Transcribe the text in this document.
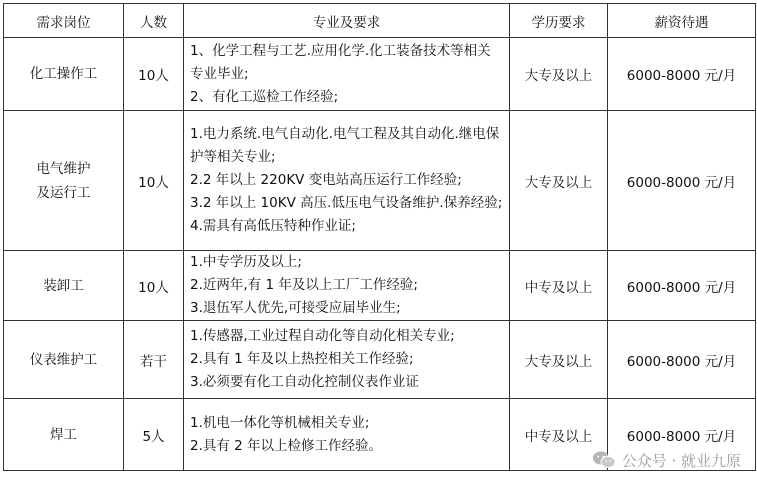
需求岗位	人数	专业及要求	学历要求	薪资待遇

化工操作工	10人	1、化学工程与工艺.应用化学.化工装备技术等相关专业毕业;
2、有化工巡检工作经验;	大专及以上	6000-8000 元/月

电气维护
及运行工	10人	1.电力系统.电气自动化.电气工程及其自动化.继电保护等相关专业;
2.2 年以上 220KV 变电站高压运行工作经验;
3.2 年以上 10KV 高压.低压电气设备维护.保养经验;
4.需具有高低压特种作业证;	大专及以上	6000-8000 元/月

装卸工	10人	1.中专学历及以上;
2.近两年,有 1 年及以上工厂工作经验;
3.退伍军人优先,可接受应届毕业生;	中专及以上	6000-8000 元/月

仪表维护工	若干	1.传感器,工业过程自动化等自动化相关专业;
2.具有 1 年及以上热控相关工作经验;
3.必须要有化工自动化控制仪表作业证	大专及以上	6000-8000 元/月

焊工	5人	1.机电一体化等机械相关专业;
2.具有 2 年以上检修工作经验。	中专及以上	6000-8000 元/月
公众号 · 就业九原
